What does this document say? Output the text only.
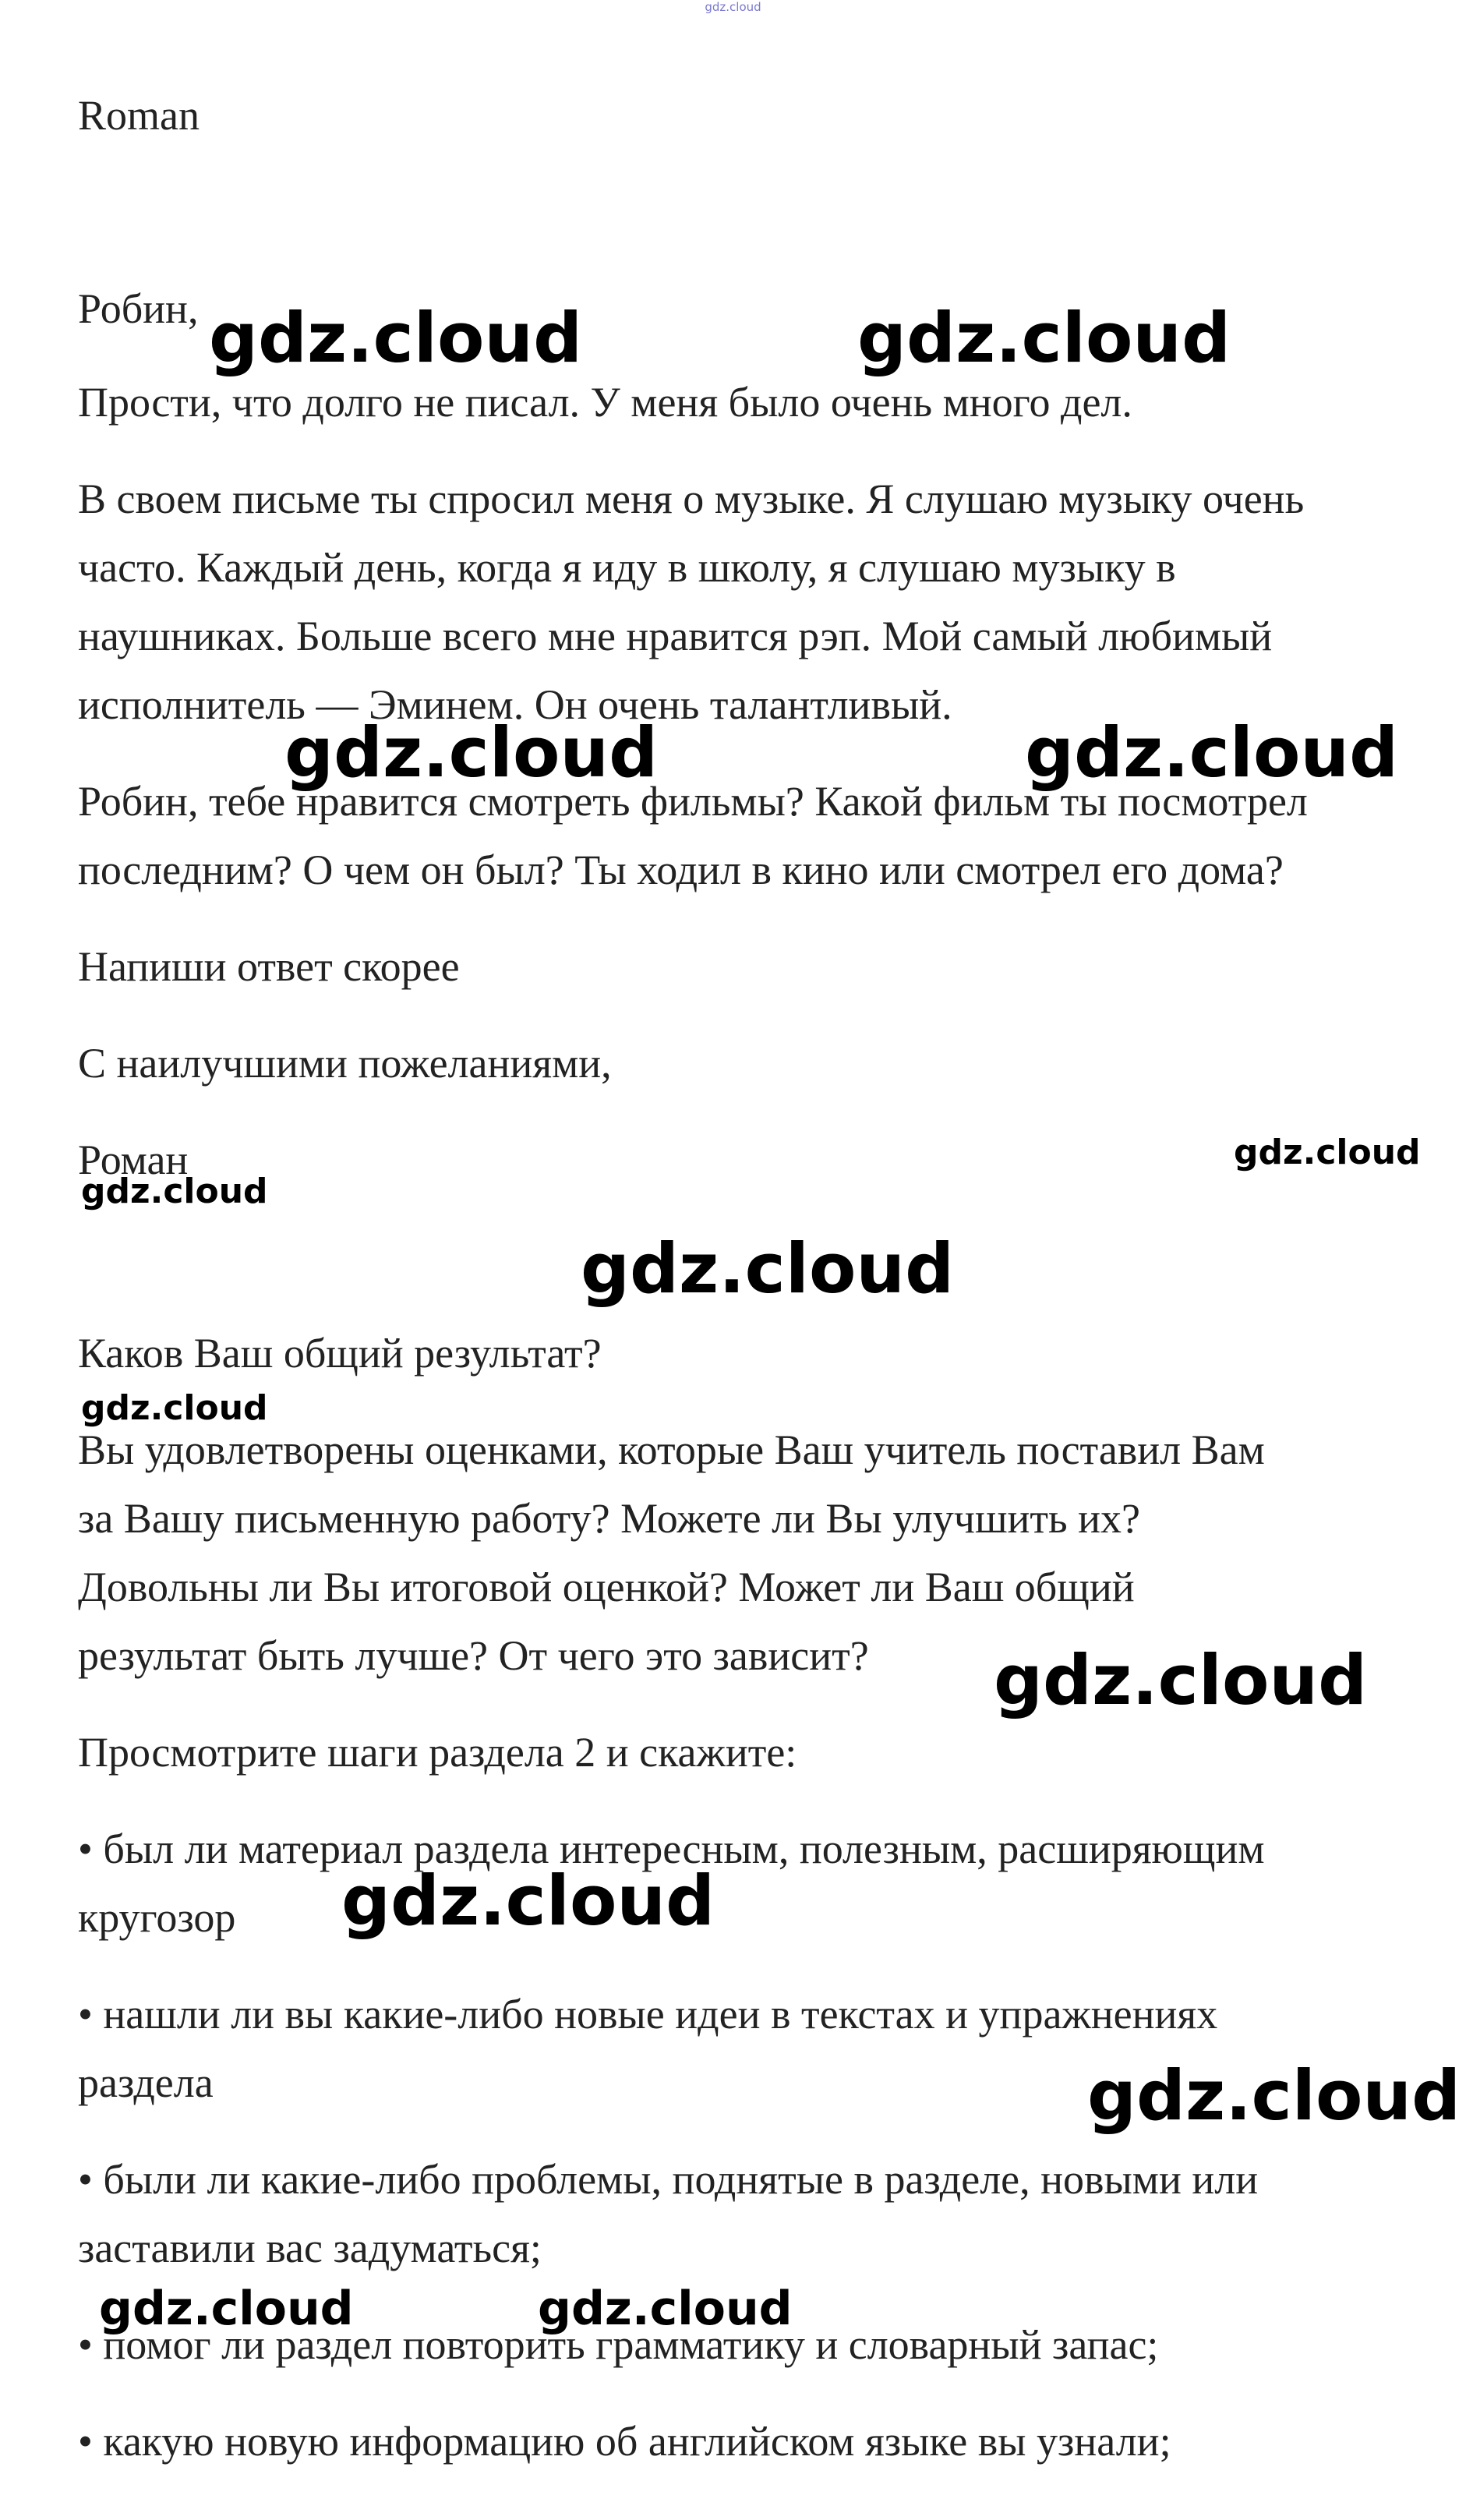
gdz.cloud
Roman
Робин,
Прости, что долго не писал. У меня было очень много дел.
В своем письме ты спросил меня о музыке. Я слушаю музыку очень
часто. Каждый день, когда я иду в школу, я слушаю музыку в
наушниках. Больше всего мне нравится рэп. Мой самый любимый
исполнитель — Эминем. Он очень талантливый.
Робин, тебе нравится смотреть фильмы? Какой фильм ты посмотрел
последним? О чем он был? Ты ходил в кино или смотрел его дома?
Напиши ответ скорее
С наилучшими пожеланиями,
Роман
Каков Ваш общий результат?
Вы удовлетворены оценками, которые Ваш учитель поставил Вам
за Вашу письменную работу? Можете ли Вы улучшить их?
Довольны ли Вы итоговой оценкой? Может ли Ваш общий
результат быть лучше? От чего это зависит?
Просмотрите шаги раздела 2 и скажите:
• был ли материал раздела интересным, полезным, расширяющим
кругозор
• нашли ли вы какие-либо новые идеи в текстах и упражнениях
раздела
• были ли какие-либо проблемы, поднятые в разделе, новыми или
заставили вас задуматься;
• помог ли раздел повторить грамматику и словарный запас;
• какую новую информацию об английском языке вы узнали;
gdz.cloud	gdz.cloud
gdz.cloud	gdz.cloud
gdz.cloud
gdz.cloud
gdz.cloud
gdz.cloud
gdz.cloud
gdz.cloud
gdz.cloud
gdz.cloud	gdz.cloud
